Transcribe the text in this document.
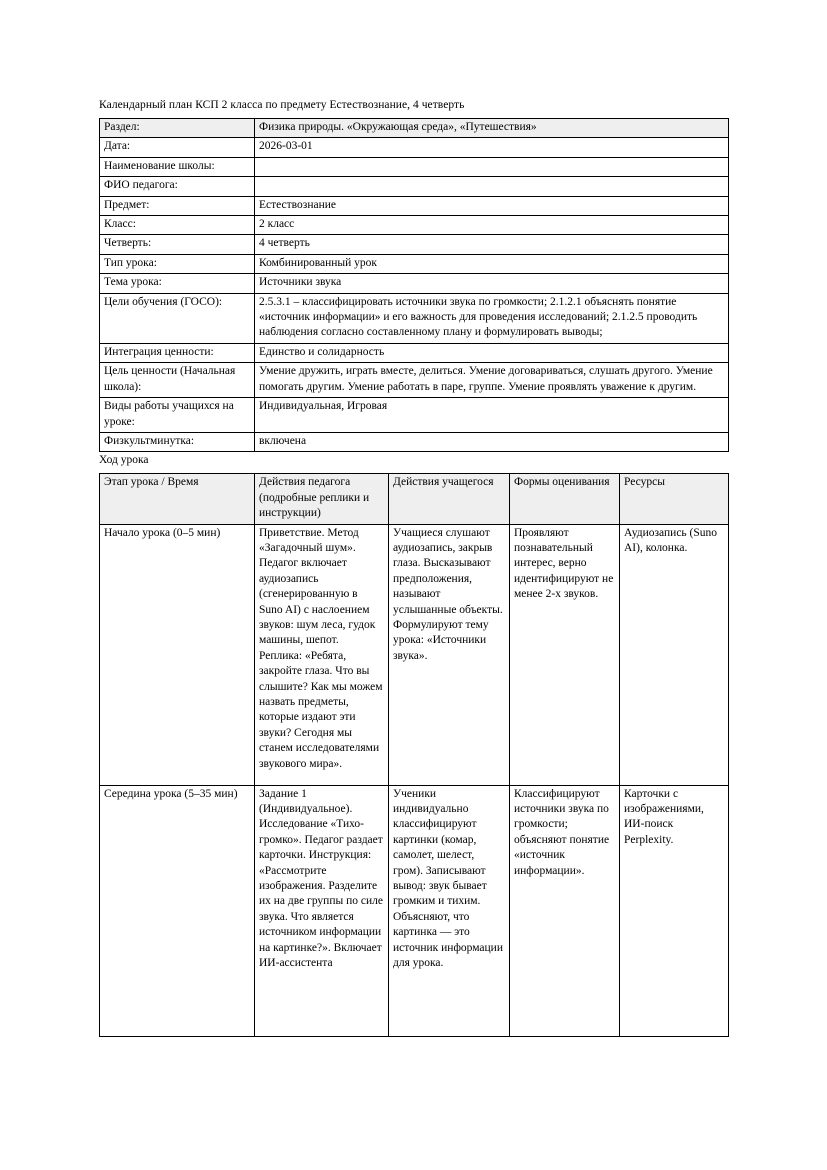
Календарный план КСП 2 класса по предмету Естествознание, 4 четверть

Раздел:	Физика природы. «Окружающая среда», «Путешествия»
Дата:	2026-03-01
Наименование школы:	
ФИО педагога:	
Предмет:	Естествознание
Класс:	2 класс
Четверть:	4 четверть
Тип урока:	Комбинированный урок
Тема урока:	Источники звука
Цели обучения (ГОСО):	2.5.3.1 – классифицировать источники звука по громкости; 2.1.2.1 объяснять понятие «источник информации» и его важность для проведения исследований; 2.1.2.5 проводить наблюдения согласно составленному плану и формулировать выводы;
Интеграция ценности:	Единство и солидарность
Цель ценности (Начальная школа):	Умение дружить, играть вместе, делиться. Умение договариваться, слушать другого. Умение помогать другим. Умение работать в паре, группе. Умение проявлять уважение к другим.
Виды работы учащихся на уроке:	Индивидуальная, Игровая
Физкультминутка:	включена

Ход урока

Этап урока / Время	Действия педагога (подробные реплики и инструкции)	Действия учащегося	Формы оценивания	Ресурсы
Начало урока (0–5 мин)	Приветствие. Метод «Загадочный шум». Педагог включает аудиозапись (сгенерированную в Suno AI) с наслоением звуков: шум леса, гудок машины, шепот. Реплика: «Ребята, закройте глаза. Что вы слышите? Как мы можем назвать предметы, которые издают эти звуки? Сегодня мы станем исследователями звукового мира».	Учащиеся слушают аудиозапись, закрыв глаза. Высказывают предположения, называют услышанные объекты. Формулируют тему урока: «Источники звука».	Проявляют познавательный интерес, верно идентифицируют не менее 2-х звуков.	Аудиозапись (Suno AI), колонка.
Середина урока (5–35 мин)	Задание 1 (Индивидуальное). Исследование «Тихо-громко». Педагог раздает карточки. Инструкция: «Рассмотрите изображения. Разделите их на две группы по силе звука. Что является источником информации на картинке?». Включает ИИ-ассистента	Ученики индивидуально классифицируют картинки (комар, самолет, шелест, гром). Записывают вывод: звук бывает громким и тихим. Объясняют, что картинка — это источник информации для урока.	Классифицируют источники звука по громкости; объясняют понятие «источник информации».	Карточки с изображениями, ИИ-поиск Perplexity.
